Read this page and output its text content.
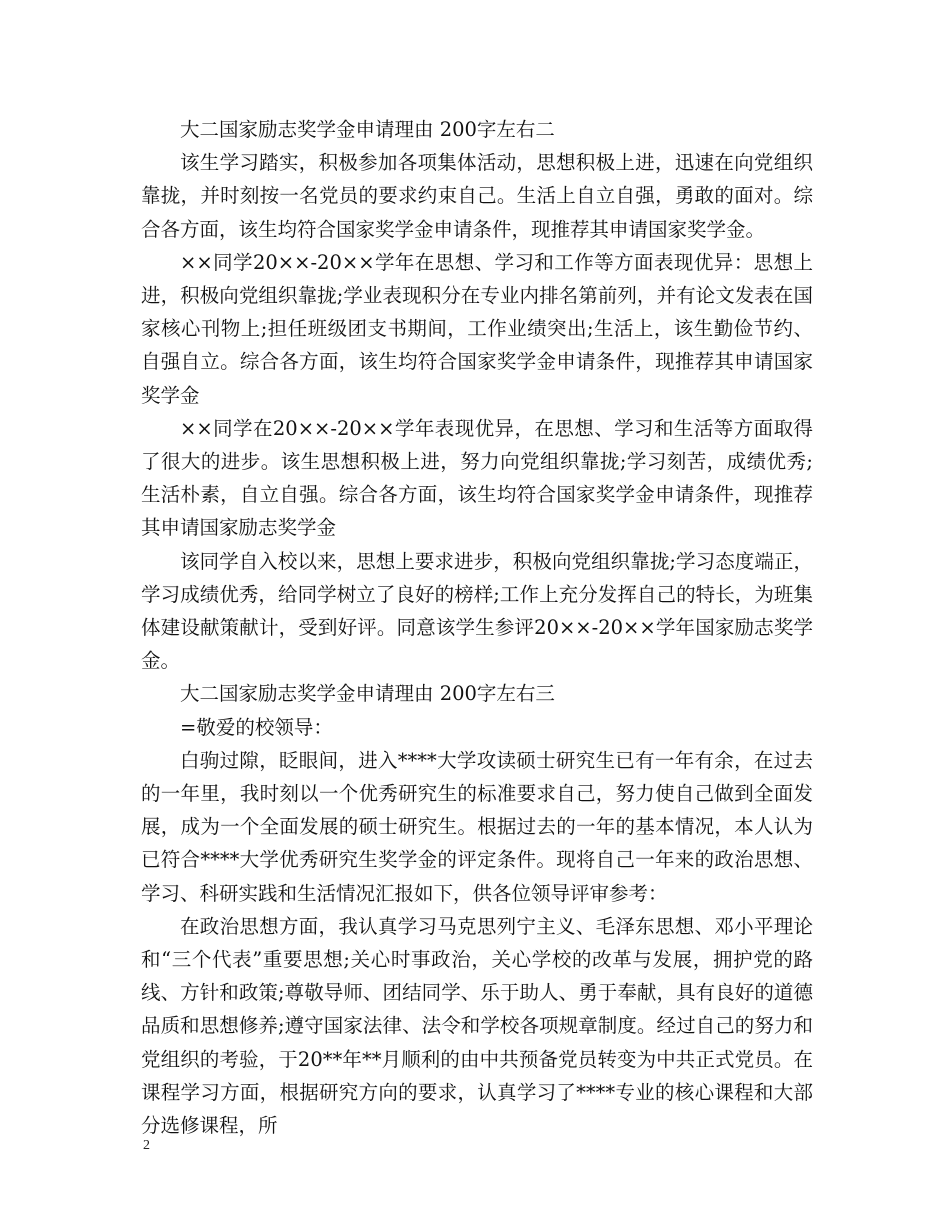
大二国家励志奖学金申请理由 200字左右二

该生学习踏实，积极参加各项集体活动，思想积极上进，迅速在向党组织靠拢，并时刻按一名党员的要求约束自己。生活上自立自强，勇敢的面对。综合各方面，该生均符合国家奖学金申请条件，现推荐其申请国家奖学金。

××同学20××-20××学年在思想、学习和工作等方面表现优异：思想上进，积极向党组织靠拢;学业表现积分在专业内排名第前列，并有论文发表在国家核心刊物上;担任班级团支书期间，工作业绩突出;生活上，该生勤俭节约、自强自立。综合各方面，该生均符合国家奖学金申请条件，现推荐其申请国家奖学金

××同学在20××-20××学年表现优异，在思想、学习和生活等方面取得了很大的进步。该生思想积极上进，努力向党组织靠拢;学习刻苦，成绩优秀;生活朴素，自立自强。综合各方面，该生均符合国家奖学金申请条件，现推荐其申请国家励志奖学金

该同学自入校以来，思想上要求进步，积极向党组织靠拢;学习态度端正，学习成绩优秀，给同学树立了良好的榜样;工作上充分发挥自己的特长，为班集体建设献策献计，受到好评。同意该学生参评20××-20××学年国家励志奖学金。

大二国家励志奖学金申请理由 200字左右三

=敬爱的校领导：

白驹过隙，眨眼间，进入****大学攻读硕士研究生已有一年有余，在过去的一年里，我时刻以一个优秀研究生的标准要求自己，努力使自己做到全面发展，成为一个全面发展的硕士研究生。根据过去的一年的基本情况，本人认为已符合****大学优秀研究生奖学金的评定条件。现将自己一年来的政治思想、学习、科研实践和生活情况汇报如下，供各位领导评审参考：

在政治思想方面，我认真学习马克思列宁主义、毛泽东思想、邓小平理论和“三个代表”重要思想;关心时事政治，关心学校的改革与发展，拥护党的路线、方针和政策;尊敬导师、团结同学、乐于助人、勇于奉献，具有良好的道德品质和思想修养;遵守国家法律、法令和学校各项规章制度。经过自己的努力和党组织的考验，于20**年**月顺利的由中共预备党员转变为中共正式党员。在课程学习方面，根据研究方向的要求，认真学习了****专业的核心课程和大部分选修课程，所

2
